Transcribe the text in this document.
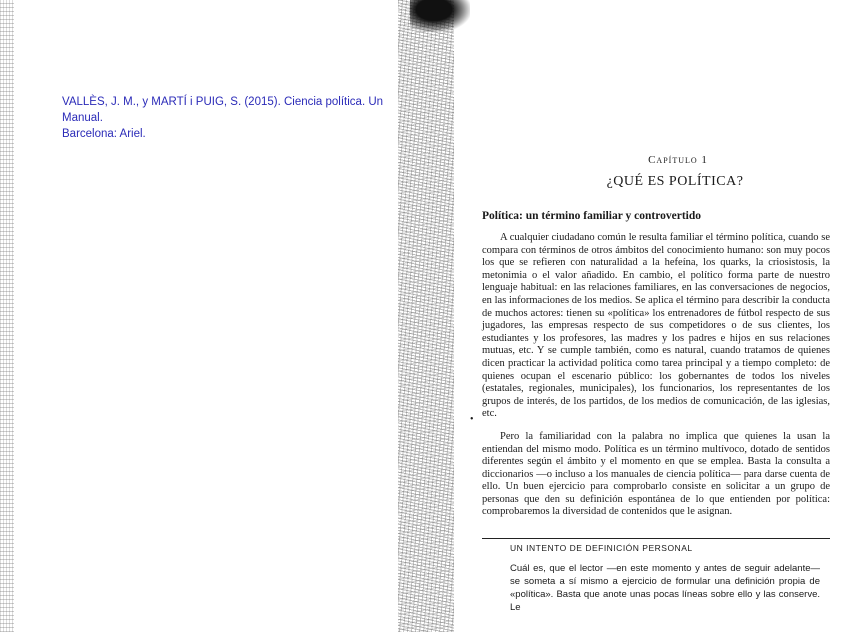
VALLÈS, J. M., y MARTÍ i PUIG, S. (2015). Ciencia política. Un Manual.
Barcelona: Ariel.
Capítulo 1
¿QUÉ ES POLÍTICA?
Política: un término familiar y controvertido

A cualquier ciudadano común le resulta familiar el término política, cuando se compara con términos de otros ámbitos del conocimiento humano: son muy pocos los que se refieren con naturalidad a la hefeína, los quarks, la criosistosis, la metonimia o el valor añadido. En cambio, el político forma parte de nuestro lenguaje habitual: en las relaciones familiares, en las conversaciones de negocios, en las informaciones de los medios. Se aplica el término para describir la conducta de muchos actores: tienen su «política» los entrenadores de fútbol respecto de sus jugadores, las empresas respecto de sus competidores o de sus clientes, los estudiantes y los profesores, las madres y los padres e hijos en sus relaciones mutuas, etc. Y se cumple también, como es natural, cuando tratamos de quienes dicen practicar la actividad política como tarea principal y a tiempo completo: de quienes ocupan el escenario público: los gobernantes de todos los niveles (estatales, regionales, municipales), los funcionarios, los representantes de los grupos de interés, de los partidos, de los medios de comunicación, de las iglesias, etc.

Pero la familiaridad con la palabra no implica que quienes la usan la entiendan del mismo modo. Política es un término multívoco, dotado de sentidos diferentes según el ámbito y el momento en que se emplea. Basta la consulta a diccionarios —o incluso a los manuales de ciencia política— para darse cuenta de ello. Un buen ejercicio para comprobarlo consiste en solicitar a un grupo de personas que den su definición espontánea de lo que entienden por política: comprobaremos la diversidad de contenidos que le asignan.

•
UN INTENTO DE DEFINICIÓN PERSONAL
Cuál es, que el lector —en este momento y antes de seguir adelante— se someta a sí mismo a ejercicio de formular una definición propia de «política». Basta que anote unas pocas líneas sobre ello y las conserve. Le
